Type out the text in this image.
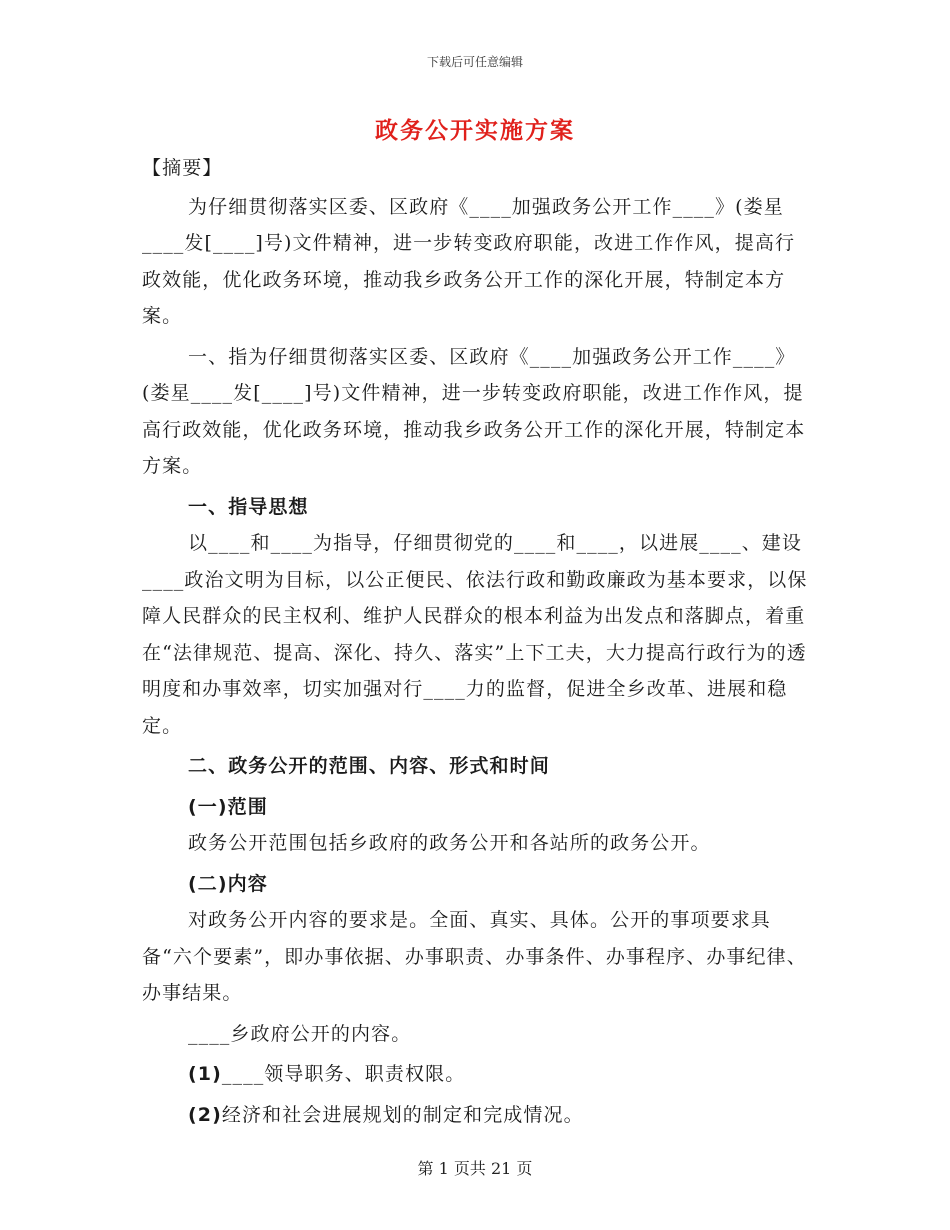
下载后可任意编辑
政务公开实施方案

【摘要】

为仔细贯彻落实区委、区政府《____加强政务公开工作____》(娄星____发[____]号)文件精神，进一步转变政府职能，改进工作作风，提高行政效能，优化政务环境，推动我乡政务公开工作的深化开展，特制定本方案。

一、指为仔细贯彻落实区委、区政府《____加强政务公开工作____》(娄星____发[____]号)文件精神，进一步转变政府职能，改进工作作风，提高行政效能，优化政务环境，推动我乡政务公开工作的深化开展，特制定本方案。

一、指导思想

以____和____为指导，仔细贯彻党的____和____，以进展____、建设____政治文明为目标，以公正便民、依法行政和勤政廉政为基本要求，以保障人民群众的民主权利、维护人民群众的根本利益为出发点和落脚点，着重在“法律规范、提高、深化、持久、落实”上下工夫，大力提高行政行为的透明度和办事效率，切实加强对行____力的监督，促进全乡改革、进展和稳定。

二、政务公开的范围、内容、形式和时间

(一)范围

政务公开范围包括乡政府的政务公开和各站所的政务公开。

(二)内容

对政务公开内容的要求是。全面、真实、具体。公开的事项要求具备“六个要素”，即办事依据、办事职责、办事条件、办事程序、办事纪律、办事结果。

____乡政府公开的内容。

(1)____领导职务、职责权限。

(2)经济和社会进展规划的制定和完成情况。

第 1 页共 21 页
